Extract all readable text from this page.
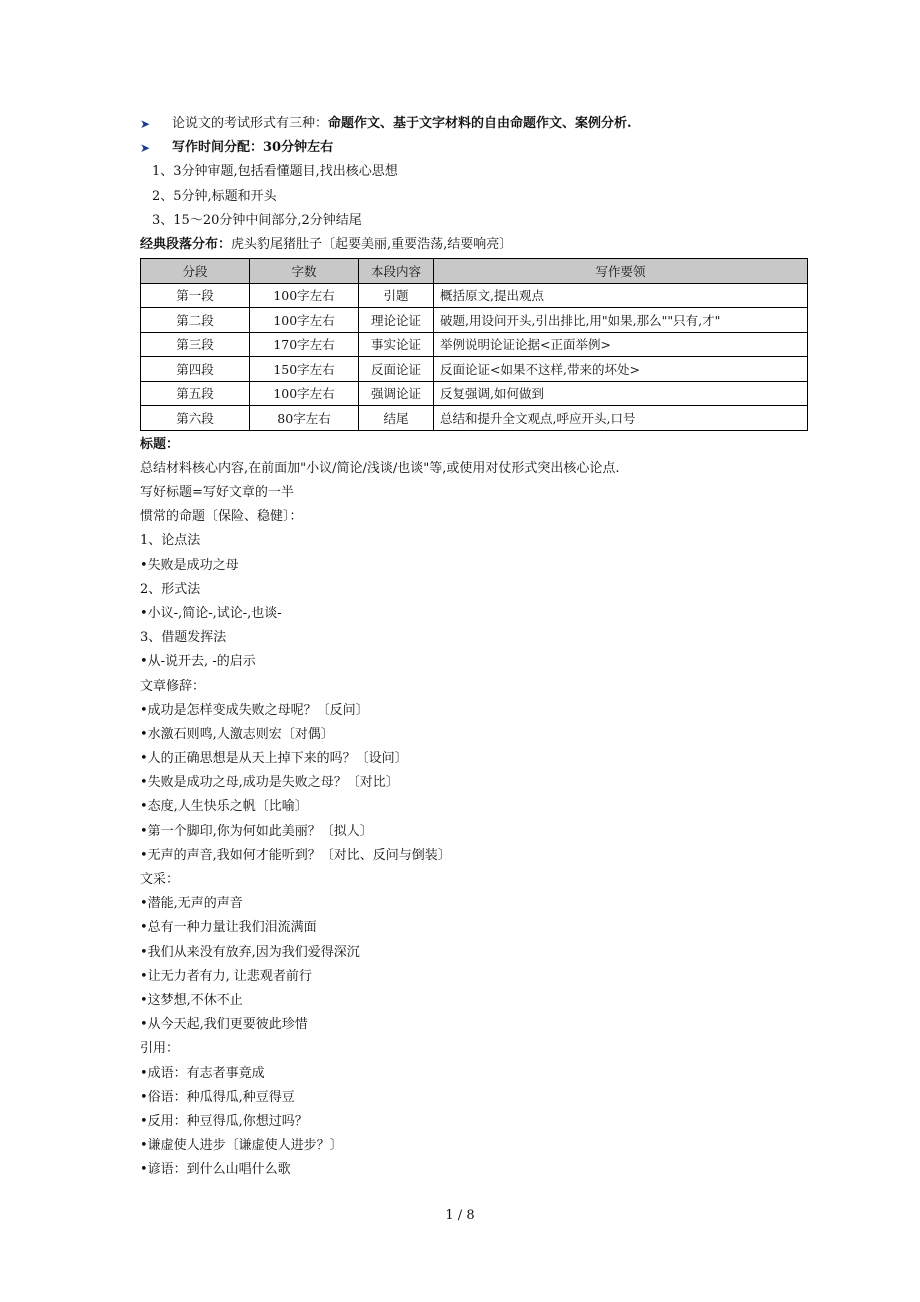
➤	论说文的考试形式有三种： 命题作文、基于文字材料的自由命题作文、案例分析.
➤	写作时间分配：30分钟左右
1、3分钟审题,包括看懂题目,找出核心思想
2、5分钟,标题和开头
3、15～20分钟中间部分,2分钟结尾
经典段落分布：虎头豹尾猪肚子〔起要美丽,重要浩荡,结要响亮〕
分段	字数	本段内容	写作要领
第一段	100字左右	引题	概括原文,提出观点
第二段	100字左右	理论论证	破题,用设问开头,引出排比,用"如果,那么""只有,才"
第三段	170字左右	事实论证	举例说明论证论据<正面举例>
第四段	150字左右	反面论证	反面论证<如果不这样,带来的坏处>
第五段	100字左右	强调论证	反复强调,如何做到
第六段	80字左右	结尾	总结和提升全文观点,呼应开头,口号
标题：
总结材料核心内容,在前面加"小议/简论/浅谈/也谈"等,或使用对仗形式突出核心论点.
写好标题=写好文章的一半
惯常的命题〔保险、稳健〕：
1、论点法
•失败是成功之母
2、形式法
•小议-,简论-,试论-,也谈-
3、借题发挥法
•从-说开去, -的启示
文章修辞：
•成功是怎样变成失败之母呢？〔反问〕
•水激石则鸣,人激志则宏〔对偶〕
•人的正确思想是从天上掉下来的吗？〔设问〕
•失败是成功之母,成功是失败之母？〔对比〕
•态度,人生快乐之帆〔比喻〕
•第一个脚印,你为何如此美丽？〔拟人〕
•无声的声音,我如何才能听到？〔对比、反问与倒装〕
文采：
•潜能,无声的声音
•总有一种力量让我们泪流满面
•我们从来没有放弃,因为我们爱得深沉
•让无力者有力, 让悲观者前行
•这梦想,不休不止
•从今天起,我们更要彼此珍惜
引用：
•成语：有志者事竟成
•俗语：种瓜得瓜,种豆得豆
•反用：种豆得瓜,你想过吗？
•谦虚使人进步〔谦虚使人进步？〕
•谚语：到什么山唱什么歌
1 / 8
